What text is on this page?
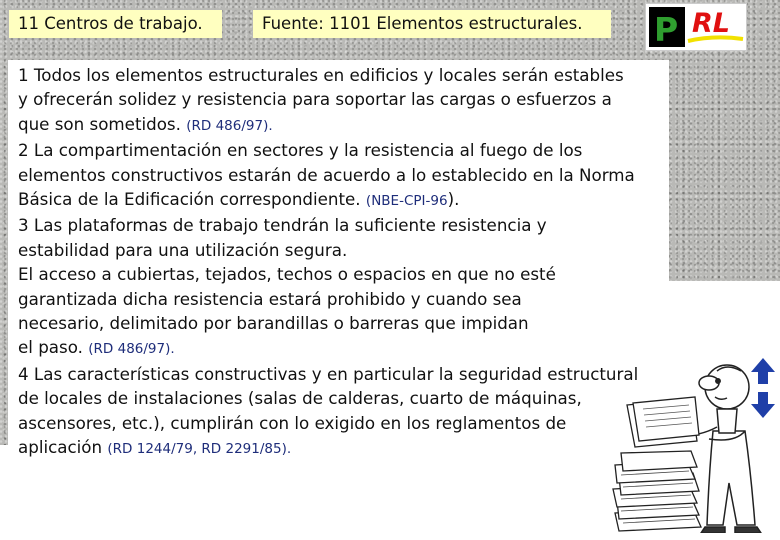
11 Centros de trabajo.	Fuente: 1101 Elementos estructurales.	P RL
1 Todos los elementos estructurales en edificios y locales serán estables
y ofrecerán solidez y resistencia para soportar las cargas o esfuerzos a
que son sometidos. (RD 486/97).
2 La compartimentación en sectores y la resistencia al fuego de los
elementos constructivos estarán de acuerdo a lo establecido en la Norma
Básica de la Edificación correspondiente. (NBE-CPI-96).
3 Las plataformas de trabajo tendrán la suficiente resistencia y
estabilidad para una utilización segura.
El acceso a cubiertas, tejados, techos o espacios en que no esté
garantizada dicha resistencia estará prohibido y cuando sea
necesario, delimitado por barandillas o barreras que impidan
el paso. (RD 486/97).
4 Las características constructivas y en particular la seguridad estructural
de locales de instalaciones (salas de calderas, cuarto de máquinas,
ascensores, etc.), cumplirán con lo exigido en los reglamentos de
aplicación (RD 1244/79, RD 2291/85).
